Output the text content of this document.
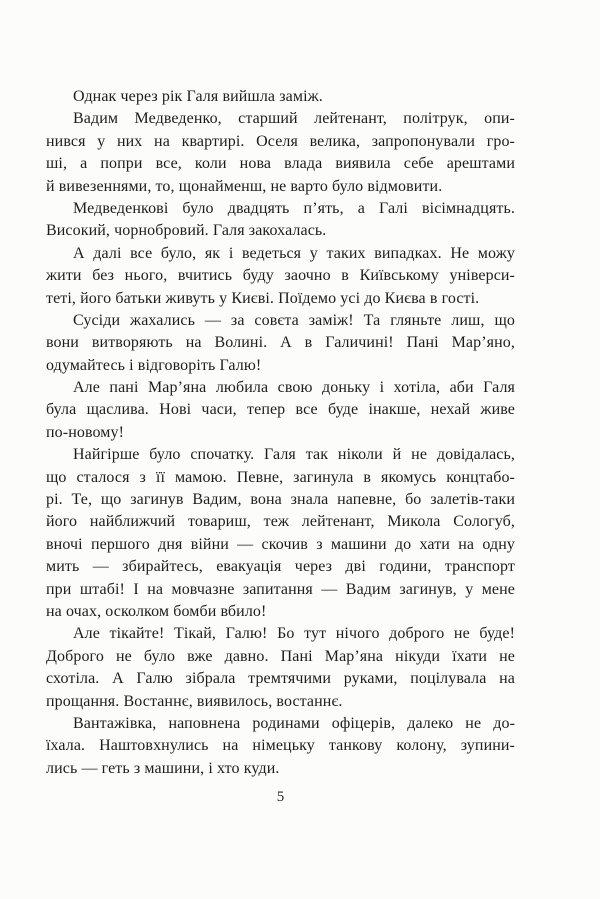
Однак через рік Галя вийшла заміж.
Вадим Медведенко, старший лейтенант, політрук, опи-
нився у них на квартирі. Оселя велика, запропонували гро-
ші, а попри все, коли нова влада виявила себе арештами
й вивезеннями, то, щонайменш, не варто було відмовити.
Медведенкові було двадцять п’ять, а Галі вісімнадцять.
Високий, чорнобровий. Галя закохалась.
А далі все було, як і ведеться у таких випадках. Не можу
жити без нього, вчитись буду заочно в Київському універси-
теті, його батьки живуть у Києві. Поїдемо усі до Києва в гості.
Сусіди жахались — за совєта заміж! Та гляньте лиш, що
вони витворяють на Волині. А в Галичині! Пані Мар’яно,
одумайтесь і відговоріть Галю!
Але пані Мар’яна любила свою доньку і хотіла, аби Галя
була щаслива. Нові часи, тепер все буде інакше, нехай живе
по-новому!
Найгірше було спочатку. Галя так ніколи й не довідалась,
що сталося з її мамою. Певне, загинула в якомусь концтабо-
рі. Те, що загинув Вадим, вона знала напевне, бо залетів-таки
його найближчий товариш, теж лейтенант, Микола Сологуб,
вночі першого дня війни — скочив з машини до хати на одну
мить — збирайтесь, евакуація через дві години, транспорт
при штабі! І на мовчазне запитання — Вадим загинув, у мене
на очах, осколком бомби вбило!
Але тікайте! Тікай, Галю! Бо тут нічого доброго не буде!
Доброго не було вже давно. Пані Мар’яна нікуди їхати не
схотіла. А Галю зібрала тремтячими руками, поцілувала на
прощання. Востаннє, виявилось, востаннє.
Вантажівка, наповнена родинами офіцерів, далеко не до-
їхала. Наштовхнулись на німецьку танкову колону, зупини-
лись — геть з машини, і хто куди.
5
